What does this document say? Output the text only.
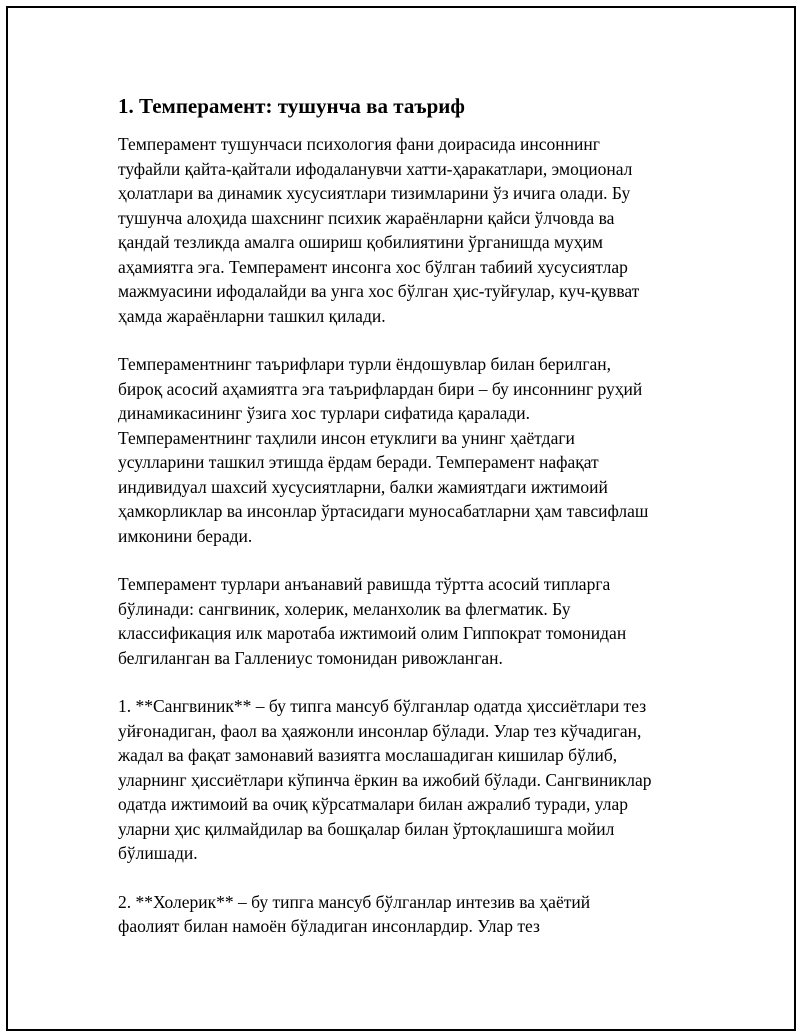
1. Темперамент: тушунча ва таъриф
Темперамент тушунчаси психология фани доирасида инсоннинг
туфайли қайта-қайтали ифодаланувчи хатти-ҳаракатлари, эмоционал
ҳолатлари ва динамик хусусиятлари тизимларини ўз ичига олади. Бу
тушунча алоҳида шахснинг психик жараёнларни қайси ўлчовда ва
қандай тезликда амалга ошириш қобилиятини ўрганишда муҳим
аҳамиятга эга. Темперамент инсонга хос бўлган табиий хусусиятлар
мажмуасини ифодалайди ва унга хос бўлган ҳис-туйғулар, куч-қувват
ҳамда жараёнларни ташкил қилади.
Темпераментнинг таърифлари турли ёндошувлар билан берилган,
бироқ асосий аҳамиятга эга таърифлардан бири – бу инсоннинг руҳий
динамикасининг ўзига хос турлари сифатида қаралади.
Темпераментнинг таҳлили инсон етуклиги ва унинг ҳаётдаги
усулларини ташкил этишда ёрдам беради. Темперамент нафақат
индивидуал шахсий хусусиятларни, балки жамиятдаги ижтимоий
ҳамкорликлар ва инсонлар ўртасидаги муносабатларни ҳам тавсифлаш
имконини беради.
Темперамент турлари анъанавий равишда тўртта асосий типларга
бўлинади: сангвиник, холерик, меланхолик ва флегматик. Бу
классификация илк маротаба ижтимоий олим Гиппократ томонидан
белгиланган ва Галлениус томонидан ривожланган.
1. **Сангвиник** – бу типга мансуб бўлганлар одатда ҳиссиётлари тез
уйғонадиган, фаол ва ҳаяжонли инсонлар бўлади. Улар тез кўчадиган,
жадал ва фақат замонавий вазиятга мослашадиган кишилар бўлиб,
уларнинг ҳиссиётлари кўпинча ёркин ва ижобий бўлади. Сангвиниклар
одатда ижтимоий ва очиқ кўрсатмалари билан ажралиб туради, улар
уларни ҳис қилмайдилар ва бошқалар билан ўртоқлашишга мойил
бўлишади.
2. **Холерик** – бу типга мансуб бўлганлар интезив ва ҳаётий
фаолият билан намоён бўладиган инсонлардир. Улар тез
